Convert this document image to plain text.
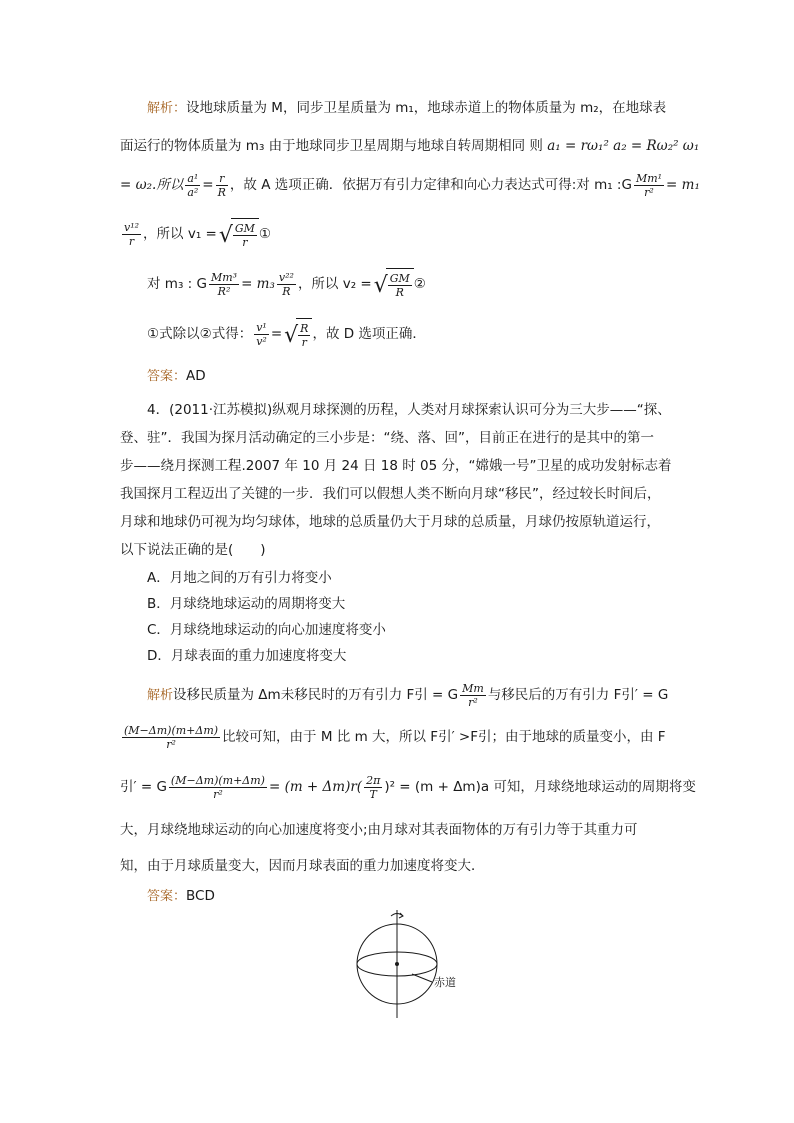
解析：设地球质量为 M，同步卫星质量为 m₁，地球赤道上的物体质量为 m₂，在地球表
面运行的物体质量为 m₃ 由于地球同步卫星周期与地球自转周期相同 则 a₁ = rω₁² a₂ = Rω₂² ω₁
= ω₂.所以 $\frac{\text{a¹}}{\text{a²}} = \frac{r}{R}$ ，故 A 选项正确．依据万有引力定律和向心力表达式可得:对 m₁ :G $\frac{\text{Mm¹}}{\text{r²}} = m_1$
$\frac{\text{v¹²}}{r}$ ，所以 v₁ = √ $\frac{GM}{r}$ ①
对 m₃ : G $\frac{\text{Mm³}}{\text{R²}} = m_3 \frac{\text{v²²}}{R}$ ，所以 v₂ = √ $\frac{GM}{R}$ ②
①式除以②式得： $\frac{\text{v¹}}{\text{v²}}$ = √ $\frac{R}{r}$ ，故 D 选项正确．
答案：AD
4．(2011·江苏模拟)纵观月球探测的历程，人类对月球探索认识可分为三大步——“探、
登、驻”．我国为探月活动确定的三小步是：“绕、落、回”，目前正在进行的是其中的第一
步——绕月探测工程.2007 年 10 月 24 日 18 时 05 分，“嫦娥一号”卫星的成功发射标志着
我国探月工程迈出了关键的一步．我们可以假想人类不断向月球“移民”，经过较长时间后，
月球和地球仍可视为均匀球体，地球的总质量仍大于月球的总质量，月球仍按原轨道运行，
以下说法正确的是(　　)
A．月地之间的万有引力将变小
B．月球绕地球运动的周期将变大
C．月球绕地球运动的向心加速度将变小
D．月球表面的重力加速度将变大
解析设移民质量为 Δm未移民时的万有引力 F引 = G $\frac{Mm}{\text{r²}}$ 与移民后的万有引力 F引′ = G
$\frac{(M-\Delta m)(m+\Delta m)}{\text{r²}}$ 比较可知，由于 M 比 m 大，所以 F引′ >F引；由于地球的质量变小，由 F
引′ = G $\frac{(M-\Delta m)(m+\Delta m)}{\text{r²}} = (m + \Delta m)r( \frac{2\pi}{T} )^2 = (m + \Delta m)a$ 可知，月球绕地球运动的周期将变
大，月球绕地球运动的向心加速度将变小;由月球对其表面物体的万有引力等于其重力可
知，由于月球质量变大，因而月球表面的重力加速度将变大．
答案：BCD
赤道
